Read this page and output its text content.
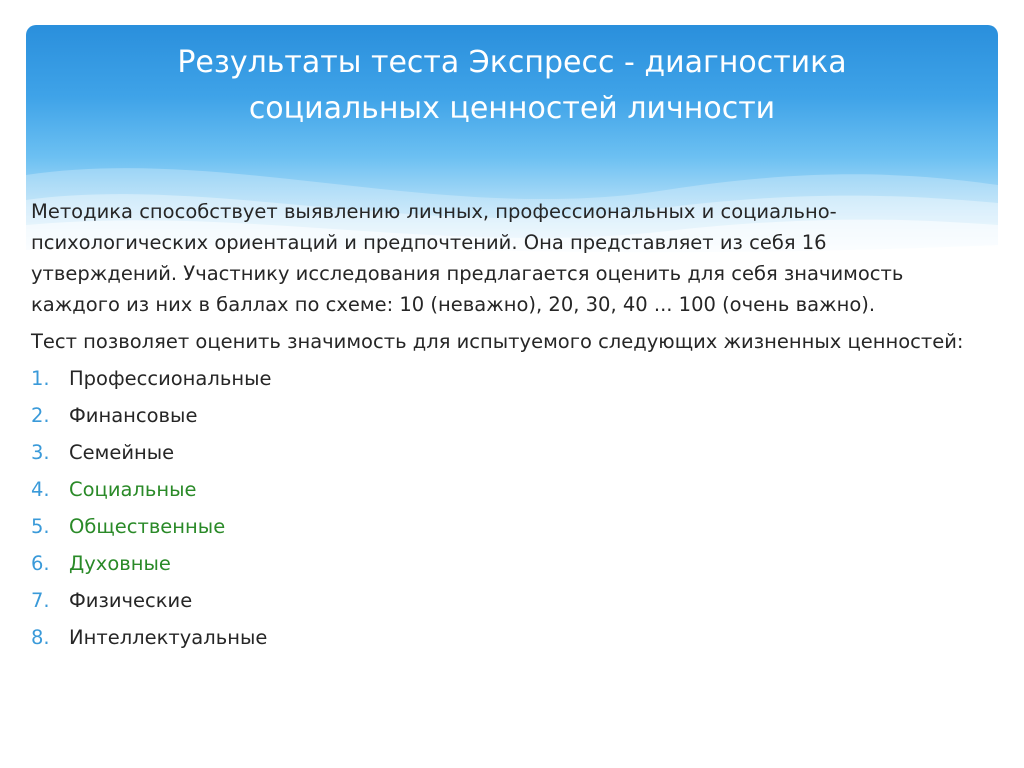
Результаты теста Экспресс - диагностика
социальных ценностей личности

Методика способствует выявлению личных, профессиональных и социально-психологических ориентаций и предпочтений. Она представляет из себя 16 утверждений. Участнику исследования предлагается оценить для себя значимость каждого из них в баллах по схеме: 10 (неважно), 20, 30, 40 ... 100 (очень важно).

Тест позволяет оценить значимость для испытуемого следующих жизненных ценностей:

1. Профессиональные
2. Финансовые
3. Семейные
4. Социальные
5. Общественные
6. Духовные
7. Физические
8. Интеллектуальные
